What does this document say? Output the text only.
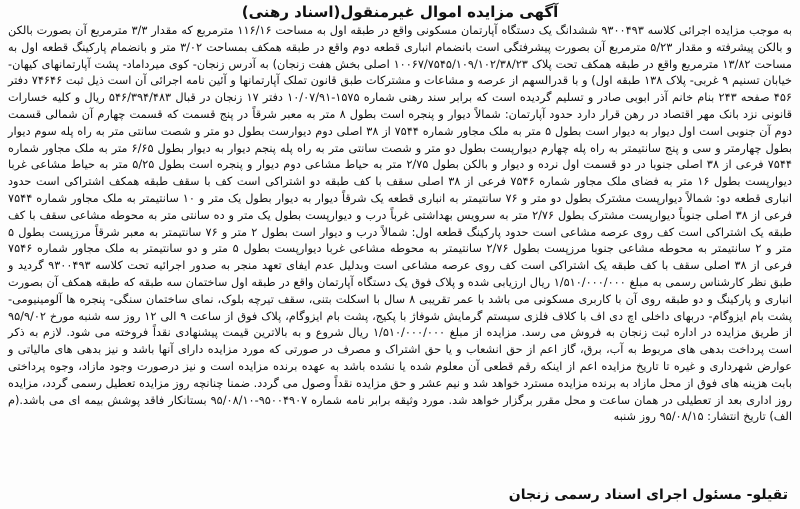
آگهی مزایده اموال غیرمنقول(اسناد رهنی)

به موجب مزایده اجرائی کلاسه ۹۳۰۰۴۹۳ ششدانگ یک دستگاه آپارتمان مسکونی واقع در طبقه اول به مساحت ۱۱۶/۱۶ مترمربع که مقدار ۳/۳ مترمربع آن بصورت بالکن و بالکن پیشرفته و مقدار ۵/۲۳ مترمربع آن بصورت پیشرفتگی است بانضمام انباری قطعه دوم واقع در طبقه همکف بمساحت ۳/۰۲ متر و بانضمام پارکینگ قطعه اول به مساحت ۱۳/۸۲ مترمربع واقع در طبقه همکف تحت پلاک ۱۰۰۶۷/۷۵۴۵/۱۰۹/۱۰۲/۳۸/۲۳ اصلی بخش هفت زنجان) به آدرس زنجان- کوی میرداماد- پشت آپارتمانهای کیهان- خیابان تسنیم ۹ غربی- پلاک ۱۳۸ طبقه اول) و با قدرالسهم از عرصه و مشاعات و مشترکات طبق قانون تملک آپارتمانها و آئین نامه اجرائی آن است ذیل ثبت ۷۴۶۴۶ دفتر ۴۵۶ صفحه ۲۴۳ بنام خانم آذر ابوبی صادر و تسلیم گردیده است که برابر سند رهنی شماره ۱۵۷۵-۱۰/۰۷/۹۱ دفتر ۱۷ زنجان در قبال ۵۴۶/۳۹۴/۴۸۳ ریال و کلیه خسارات قانونی نزد بانک مهر اقتصاد در رهن قرار دارد حدود آپارتمان: شمالاً دیوار و پنجره است بطول ۸ متر به معبر شرقاً در پنج قسمت که قسمت چهارم آن شمالی قسمت دوم آن جنوبی است اول دیوار به دیوار است بطول ۵ متر به ملک مجاور شماره ۷۵۴۴ از ۳۸ اصلی دوم دیوارست بطول دو متر و شصت سانتی متر به راه پله سوم دیوار بطول چهارمتر و سی و پنج سانتیمتر به راه پله چهارم دیوارپست بطول دو متر و شصت سانتی متر به راه پله پنجم دیوار به دیوار بطول ۶/۶۵ متر به ملک مجاور شماره ۷۵۴۴ فرعی از ۳۸ اصلی جنوبا در دو قسمت اول نرده و دیوار و بالکن بطول ۲/۷۵ متر به حیاط مشاعی دوم دیوار و پنجره است بطول ۵/۲۵ متر به حیاط مشاعی غربا دیوارپست بطول ۱۶ متر به فضای ملک مجاور شماره ۷۵۴۶ فرعی از ۳۸ اصلی سقف با کف طبقه دو اشتراکی است کف با سقف طبقه همکف اشتراکی است حدود انباری قطعه دو: شمالاً دیوارپست مشترک بطول دو متر و ۷۶ سانتیمتر به انباری قطعه یک شرقاً دیوار به دیوار بطول یک متر و ۱۰ سانتیمتر به ملک مجاور شماره ۷۵۴۴ فرعی از ۳۸ اصلی جنوباً دیوارپست مشترک بطول ۲/۷۶ متر به سرویس بهداشتی غرباً درب و دیوارپست بطول یک متر و ده سانتی متر به محوطه مشاعی سقف با کف طبقه یک اشتراکی است کف روی عرصه مشاعی است حدود پارکینگ قطعه اول: شمالاً درب و دیوار است بطول ۲ متر و ۷۶ سانتیمتر به معبر شرقاً مرزپست بطول ۵ متر و ۲ سانتیمتر به محوطه مشاعی جنوبا مرزپست بطول ۲/۷۶ سانتیمتر به محوطه مشاعی غربا دیوارپست بطول ۵ متر و دو سانتیمتر به ملک مجاور شماره ۷۵۴۶ فرعی از ۳۸ اصلی سقف با کف طبقه یک اشتراکی است کف روی عرصه مشاعی است وبدلیل عدم ایفای تعهد منجر به صدور اجرائیه تحت کلاسه ۹۳۰۰۴۹۳ گردید و طبق نظر کارشناس رسمی به مبلغ ۱/۵۱۰/۰۰۰/۰۰۰ ریال ارزیابی شده و پلاک فوق یک دستگاه آپارتمان واقع در طبقه اول ساختمان سه طبقه که طبقه همکف آن بصورت انباری و پارکینگ و دو طبقه روی آن با کاربری مسکونی می باشد با عمر تقریبی ۸ سال با اسکلت بتنی، سقف تیرچه بلوک، نمای ساختمان سنگی- پنجره ها آلومینیومی- پشت بام ایزوگام- دربهای داخلی اچ دی اف با کلاف فلزی سیستم گرمایش شوفاژ با پکیج، پشت بام ایزوگام، پلاک فوق از ساعت ۹ الی ۱۲ روز سه شنبه مورخ ۹۵/۹/۰۲ از طریق مزایده در اداره ثبت زنجان به فروش می رسد. مزایده از مبلغ ۱/۵۱۰/۰۰۰/۰۰۰ ریال شروع و به بالاترین قیمت پیشنهادی نقداً فروخته می شود. لازم به ذکر است پرداخت بدهی های مربوط به آب، برق، گاز اعم از حق انشعاب و یا حق اشتراک و مصرف در صورتی که مورد مزایده دارای آنها باشد و نیز بدهی های مالیاتی و عوارض شهرداری و غیره تا تاریخ مزایده اعم از اینکه رقم قطعی آن معلوم شده یا نشده باشد به عهده برنده مزایده است و نیز درصورت وجود مازاد، وجوه پرداختی بابت هزینه های فوق از محل مازاد به برنده مزایده مسترد خواهد شد و نیم عشر و حق مزایده نقداً وصول می گردد. ضمنا چنانچه روز مزایده تعطیل رسمی گردد، مزایده روز اداری بعد از تعطیلی در همان ساعت و محل مقرر برگزار خواهد شد. مورد وثیقه برابر نامه شماره ۹۵۰۰۴۹۰۷-۹۵/۰۸/۱۰ بستانکار فاقد پوشش بیمه ای می باشد.(م الف) تاریخ انتشار: ۹۵/۰۸/۱۵ روز شنبه

تقیلو- مسئول اجرای اسناد رسمی زنجان
